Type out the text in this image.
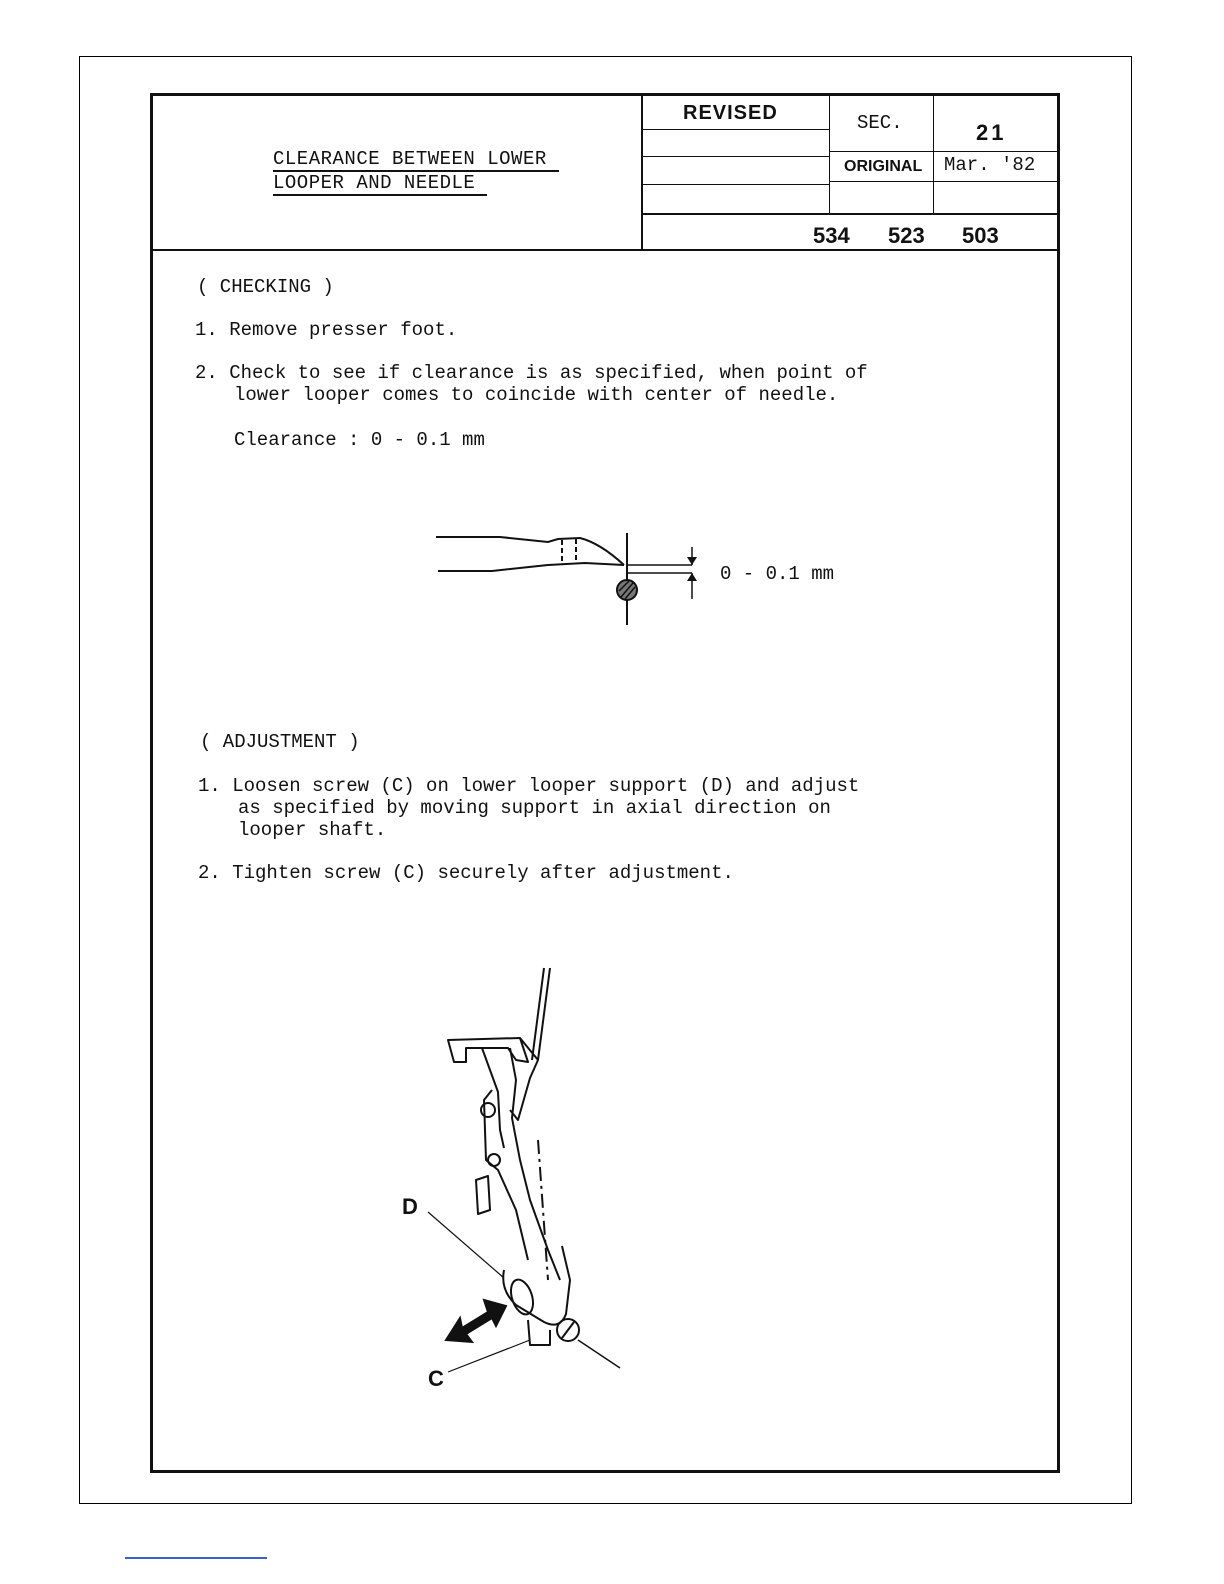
CLEARANCE BETWEEN LOWER
LOOPER AND NEEDLE
REVISED	SEC.	21
ORIGINAL Mar. '82
534 523 503
( CHECKING )
1. Remove presser foot.
2. Check to see if clearance is as specified, when point of
lower looper comes to coincide with center of needle.
Clearance : 0 - 0.1 mm
0 - 0.1 mm
( ADJUSTMENT )
1. Loosen screw (C) on lower looper support (D) and adjust
as specified by moving support in axial direction on
looper shaft.
2. Tighten screw (C) securely after adjustment.
D
C
